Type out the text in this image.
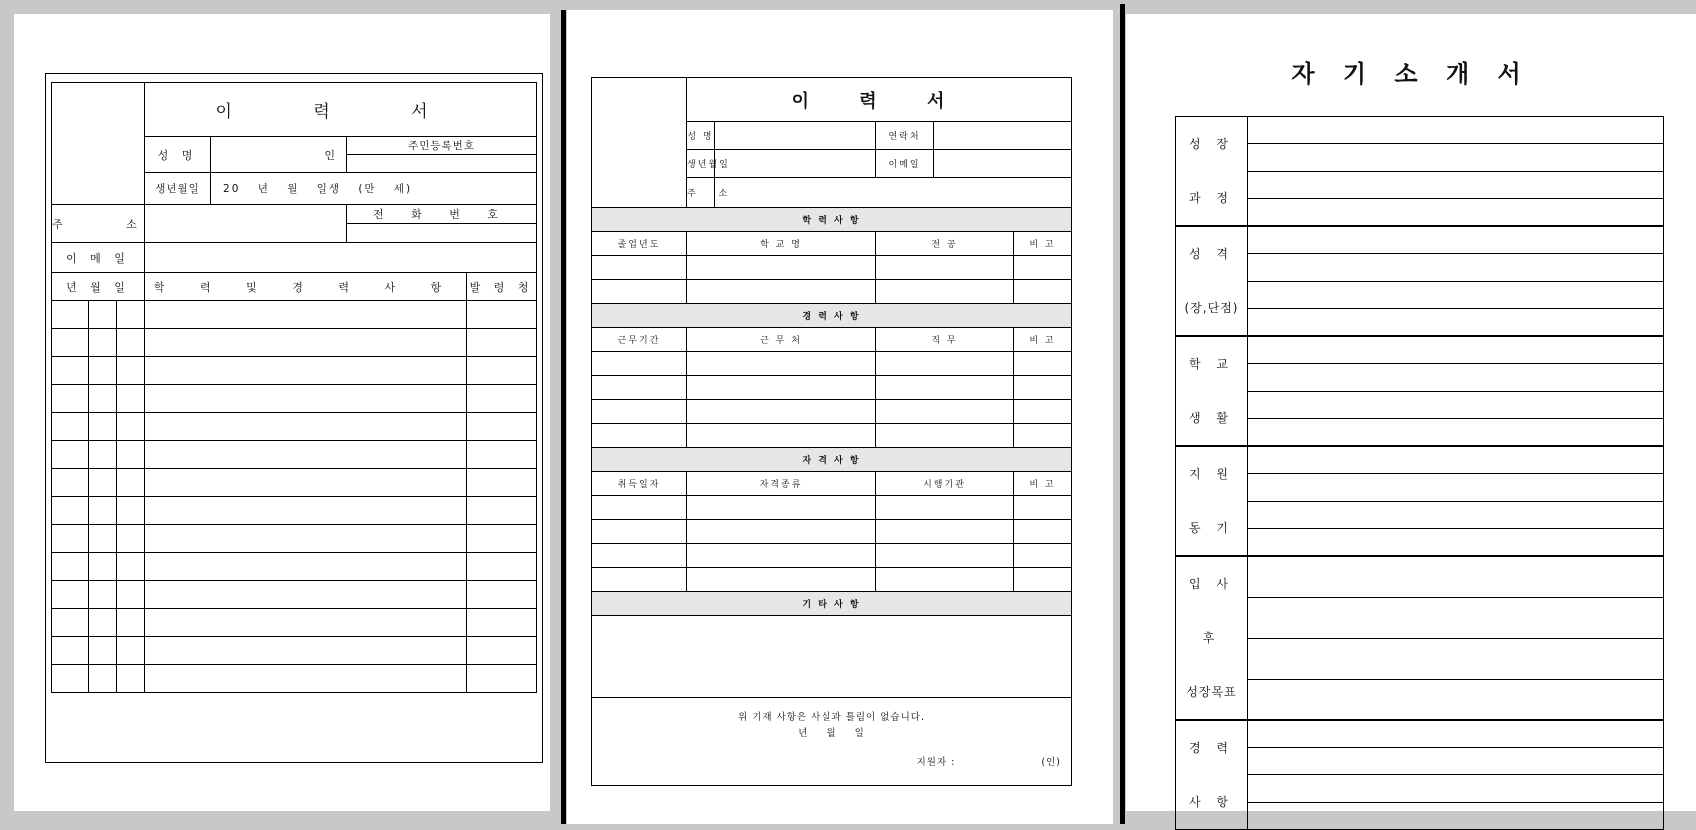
			이 력 서			
			성 명	인	주민등록번호	

			생년월일	20 년 월 일생 (만 세)		
주 소					전 화 번 호	

이 메 일						
년 월 일			학 력 및 경 력 사 항			발 령 청

	이 력 서				
	성 명		연락처		
	생년월일		이메일		
	주 소				
학 력 사 항					
졸업년도	학 교 명		전 공		비 고

경 력 사 항					
근무기간	근 무 처		직 무		비 고

자 격 사 항					
취득일자	자격종류		시행기관		비 고

기 타 사 항					

위 기재 사항은 사실과 틀림이 없습니다.
년 월 일
지원자 : (인)					
자 기 소 개 서
성 장
과 정	

성 격
(장,단점)	

학 교
생 활	

지 원
동 기	

입 사 후
성장목표	

경 력
사 항	
